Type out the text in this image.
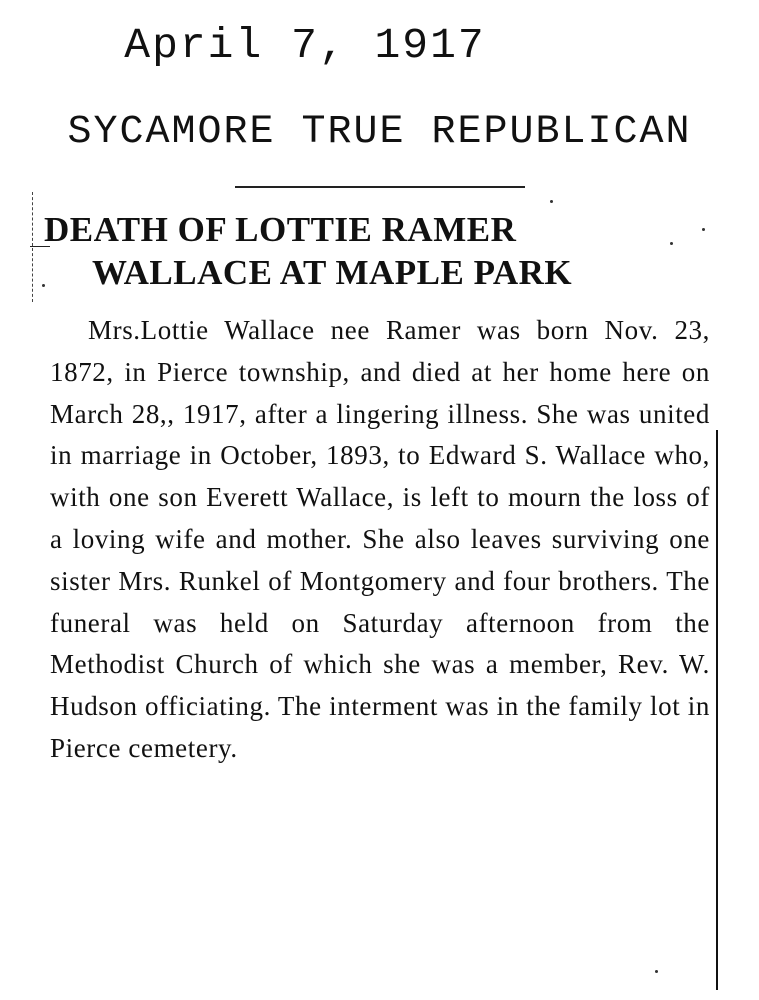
April 7, 1917
SYCAMORE TRUE REPUBLICAN
DEATH OF LOTTIE RAMER
WALLACE AT MAPLE PARK

Mrs.Lottie Wallace nee Ramer was born Nov. 23, 1872, in Pierce township, and died at her home here on March 28,, 1917, after a lingering illness. She was united in marriage in October, 1893, to Edward S. Wallace who, with one son Everett Wallace, is left to mourn the loss of a loving wife and mother. She also leaves surviving one sister Mrs. Runkel of Montgomery and four brothers. The funeral was held on Saturday afternoon from the Methodist Church of which she was a member, Rev. W. Hudson officiating. The interment was in the family lot in Pierce cemetery.
